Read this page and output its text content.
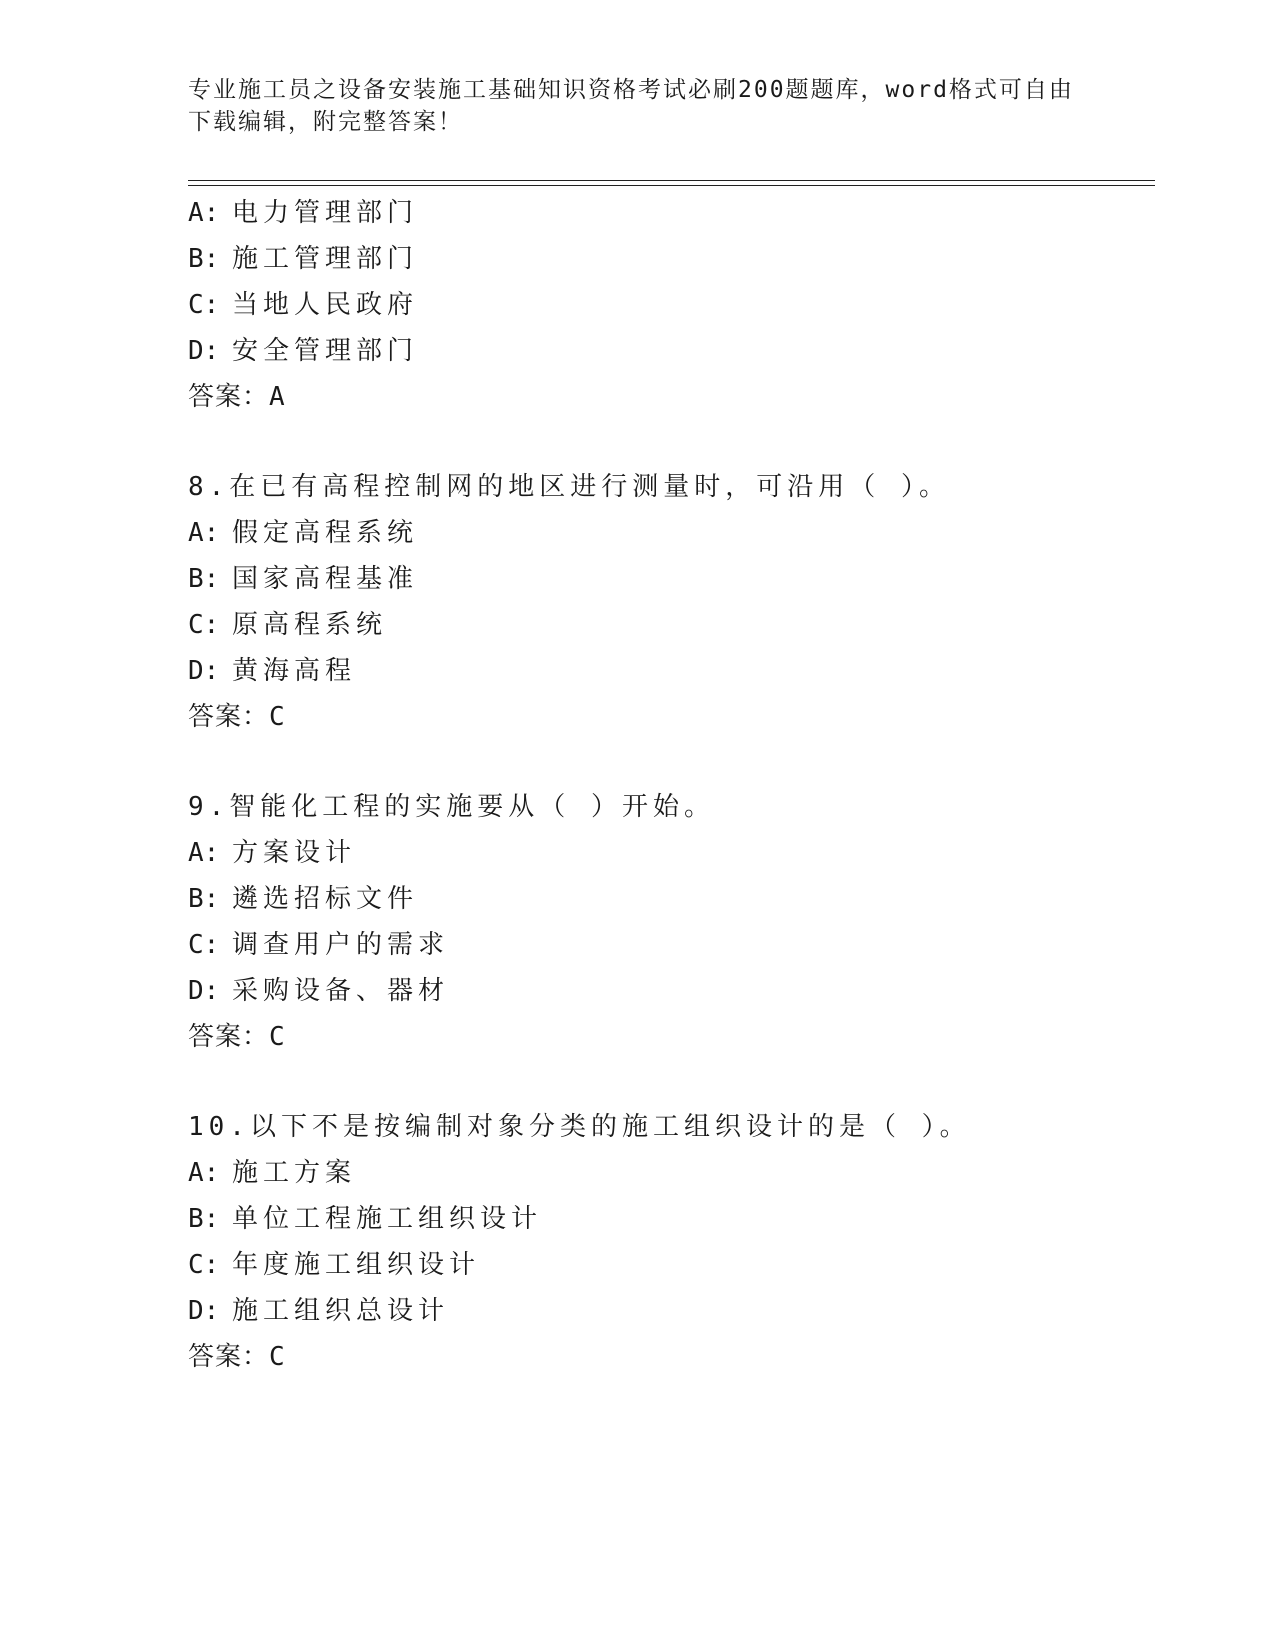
专业施工员之设备安装施工基础知识资格考试必刷200题题库，word格式可自由
下载编辑，附完整答案！
A: 电力管理部门
B: 施工管理部门
C: 当地人民政府
D: 安全管理部门
答案：A
8.在已有高程控制网的地区进行测量时，可沿用（ ）。
A: 假定高程系统
B: 国家高程基准
C: 原高程系统
D: 黄海高程
答案：C
9.智能化工程的实施要从（ ）开始。
A: 方案设计
B: 遴选招标文件
C: 调查用户的需求
D: 采购设备、器材
答案：C
10.以下不是按编制对象分类的施工组织设计的是（ ）。
A: 施工方案
B: 单位工程施工组织设计
C: 年度施工组织设计
D: 施工组织总设计
答案：C
